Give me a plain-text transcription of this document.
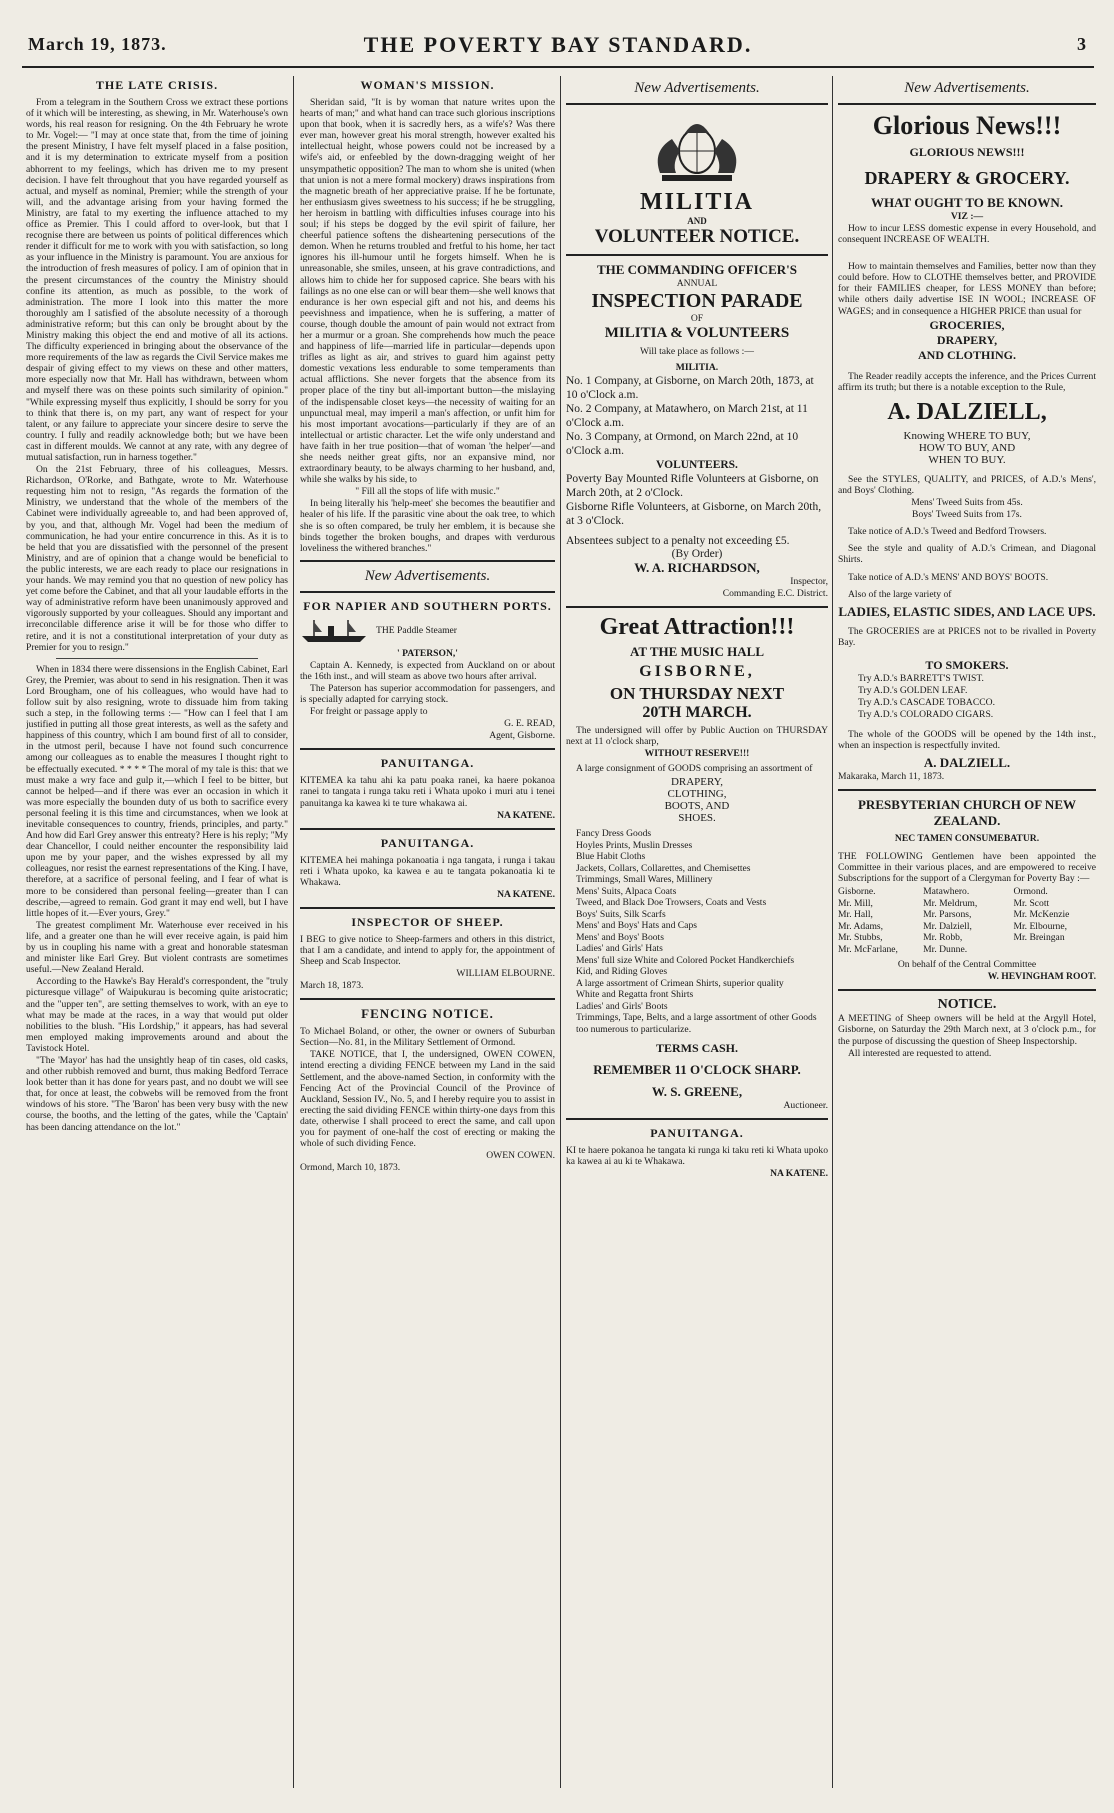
March 19, 1873.	THE POVERTY BAY STANDARD.	3
THE LATE CRISIS.

From a telegram in the Southern Cross we extract these portions of it which will be interesting, as shewing, in Mr. Waterhouse's own words, his real reason for resigning. On the 4th February he wrote to Mr. Vogel:— "I may at once state that, from the time of joining the present Ministry, I have felt myself placed in a false position, and it is my determination to extricate myself from a position abhorrent to my feelings, which has driven me to my present decision. I have felt throughout that you have regarded yourself as actual, and myself as nominal, Premier; while the strength of your will, and the advantage arising from your having formed the Ministry, are fatal to my exerting the influence attached to my office as Premier. This I could afford to over-look, but that I recognise there are between us points of political differences which render it difficult for me to work with you with satisfaction, so long as your influence in the Ministry is paramount. You are anxious for the introduction of fresh measures of policy. I am of opinion that in the present circumstances of the country the Ministry should confine its attention, as much as possible, to the work of administration. The more I look into this matter the more thoroughly am I satisfied of the absolute necessity of a thorough administrative reform; but this can only be brought about by the Ministry making this object the end and motive of all its actions. The difficulty experienced in bringing about the observance of the more requirements of the law as regards the Civil Service makes me despair of giving effect to my views on these and other matters, more especially now that Mr. Hall has withdrawn, between whom and myself there was on these points such similarity of opinion." "While expressing myself thus explicitly, I should be sorry for you to think that there is, on my part, any want of respect for your talent, or any failure to appreciate your sincere desire to serve the country. I fully and readily acknowledge both; but we have been cast in different moulds. We cannot at any rate, with any degree of mutual satisfaction, run in harness together."

On the 21st February, three of his colleagues, Messrs. Richardson, O'Rorke, and Bathgate, wrote to Mr. Waterhouse requesting him not to resign, "As regards the formation of the Ministry, we understand that the whole of the members of the Cabinet were individually agreeable to, and had been approved of, by you, and that, although Mr. Vogel had been the medium of communication, he had your entire concurrence in this. As it is to be held that you are dissatisfied with the personnel of the present Ministry, and are of opinion that a change would be beneficial to the public interests, we are each ready to place our resignations in your hands. We may remind you that no question of new policy has yet come before the Cabinet, and that all your laudable efforts in the way of administrative reform have been unanimously approved and vigorously supported by your colleagues. Should any important and irreconcilable difference arise it will be for those who differ to retire, and it is not a constitutional interpretation of your duty as Premier for you to resign."

When in 1834 there were dissensions in the English Cabinet, Earl Grey, the Premier, was about to send in his resignation. Then it was Lord Brougham, one of his colleagues, who would have had to follow suit by also resigning, wrote to dissuade him from taking such a step, in the following terms :— "How can I feel that I am justified in putting all those great interests, as well as the safety and happiness of this country, which I am bound first of all to consider, in the utmost peril, because I have not found such concurrence among our colleagues as to enable the measures I thought right to be effectually executed. * * * * The moral of my tale is this: that we must make a wry face and gulp it,—which I feel to be bitter, but cannot be helped—and if there was ever an occasion in which it was more especially the bounden duty of us both to sacrifice every personal feeling it is this time and circumstances, when we look at inevitable consequences to country, friends, principles, and party." And how did Earl Grey answer this entreaty? Here is his reply; "My dear Chancellor, I could neither encounter the responsibility laid upon me by your paper, and the wishes expressed by all my colleagues, nor resist the earnest representations of the King. I have, therefore, at a sacrifice of personal feeling, and I fear of what is more to be considered than personal feeling—greater than I can describe,—agreed to remain. God grant it may end well, but I have little hopes of it.—Ever yours, Grey."

The greatest compliment Mr. Waterhouse ever received in his life, and a greater one than he will ever receive again, is paid him by us in coupling his name with a great and honorable statesman and minister like Earl Grey. But violent contrasts are sometimes useful.—New Zealand Herald.

According to the Hawke's Bay Herald's correspondent, the "truly picturesque village" of Waipukurau is becoming quite aristocratic; and the "upper ten", are setting themselves to work, with an eye to what may be made at the races, in a way that would put older nobilities to the blush. "His Lordship," it appears, has had several men employed making improvements around and about the Tavistock Hotel.

"The 'Mayor' has had the unsightly heap of tin cases, old casks, and other rubbish removed and burnt, thus making Bedford Terrace look better than it has done for years past, and no doubt we will see that, for once at least, the cobwebs will be removed from the front windows of his store. "The 'Baron' has been very busy with the new course, the booths, and the letting of the gates, while the 'Captain' has been dancing attendance on the lot."

WOMAN'S MISSION.

Sheridan said, "It is by woman that nature writes upon the hearts of man;" and what hand can trace such glorious inscriptions upon that book, when it is sacredly hers, as a wife's? Was there ever man, however great his moral strength, however exalted his intellectual height, whose powers could not be increased by a wife's aid, or enfeebled by the down-dragging weight of her unsympathetic opposition? The man to whom she is united (when that union is not a mere formal mockery) draws inspirations from the magnetic breath of her appreciative praise. If he be fortunate, her enthusiasm gives sweetness to his success; if he be struggling, her heroism in battling with difficulties infuses courage into his soul; if his steps be dogged by the evil spirit of failure, her cheerful patience softens the disheartening persecutions of the demon. When he returns troubled and fretful to his home, her tact ignores his ill-humour until he forgets himself. When he is unreasonable, she smiles, unseen, at his grave contradictions, and allows him to chide her for supposed caprice. She bears with his failings as no one else can or will bear them—she well knows that endurance is her own especial gift and not his, and deems his peevishness and impatience, when he is suffering, a matter of course, though double the amount of pain would not extract from her a murmur or a groan. She comprehends how much the peace and happiness of life—married life in particular—depends upon trifles as light as air, and strives to guard him against petty domestic vexations less endurable to some temperaments than actual afflictions. She never forgets that the absence from its proper place of the tiny but all-important button—the mislaying of the indispensable closet keys—the necessity of waiting for an unpunctual meal, may imperil a man's affection, or unfit him for his most important avocations—particularly if they are of an intellectual or artistic character. Let the wife only understand and have faith in her true position—that of woman 'the helper'—and she needs neither great gifts, nor an expansive mind, nor extraordinary beauty, to be always charming to her husband, and, while she walks by his side, to

" Fill all the stops of life with music."

In being literally his 'help-meet' she becomes the beautifier and healer of his life. If the parasitic vine about the oak tree, to which she is so often compared, be truly her emblem, it is because she binds together the broken boughs, and drapes with verdurous loveliness the withered branches."

New Advertisements.
FOR NAPIER AND SOUTHERN PORTS.
THE Paddle Steamer
' PATERSON,'

Captain A. Kennedy, is expected from Auckland on or about the 16th inst., and will steam as above two hours after arrival.

The Paterson has superior accommodation for passengers, and is specially adapted for carrying stock.

For freight or passage apply to

G. E. READ,
Agent, Gisborne.
PANUITANGA.

KITEMEA ka tahu ahi ka patu poaka ranei, ka haere pokanoa ranei to tangata i runga taku reti i Whata upoko i muri atu i tenei panuitanga ka kawea ki te ture whakawa ai.

NA KATENE.
PANUITANGA.

KITEMEA hei mahinga pokanoatia i nga tangata, i runga i takau reti i Whata upoko, ka kawea e au te tangata pokanoatia ki te Whakawa.

NA KATENE.
INSPECTOR OF SHEEP.

I BEG to give notice to Sheep-farmers and others in this district, that I am a candidate, and intend to apply for, the appointment of Sheep and Scab Inspector.

WILLIAM ELBOURNE.
March 18, 1873.
FENCING NOTICE.

To Michael Boland, or other, the owner or owners of Suburban Section—No. 81, in the Military Settlement of Ormond.

TAKE NOTICE, that I, the undersigned, OWEN COWEN, intend erecting a dividing FENCE between my Land in the said Settlement, and the above-named Section, in conformity with the Fencing Act of the Provincial Council of the Province of Auckland, Session IV., No. 5, and I hereby require you to assist in erecting the said dividing FENCE within thirty-one days from this date, otherwise I shall proceed to erect the same, and call upon you for payment of one-half the cost of erecting or making the whole of such dividing Fence.

OWEN COWEN.
Ormond, March 10, 1873.
New Advertisements.
MILITIA
AND
VOLUNTEER NOTICE.
THE COMMANDING OFFICER'S
ANNUAL
INSPECTION PARADE
OF
MILITIA & VOLUNTEERS
Will take place as follows :—
MILITIA.
No. 1 Company, at Gisborne, on March 20th, 1873, at 10 o'Clock a.m.
No. 2 Company, at Matawhero, on March 21st, at 11 o'Clock a.m.
No. 3 Company, at Ormond, on March 22nd, at 10 o'Clock a.m.
VOLUNTEERS.
Poverty Bay Mounted Rifle Volunteers at Gisborne, on March 20th, at 2 o'Clock.
Gisborne Rifle Volunteers, at Gisborne, on March 20th, at 3 o'Clock.
Absentees subject to a penalty not exceeding £5.
(By Order)
W. A. RICHARDSON,
Inspector,
Commanding E.C. District.
Great Attraction!!!
AT THE MUSIC HALL
GISBORNE,
ON THURSDAY NEXT
20TH MARCH.

The undersigned will offer by Public Auction on THURSDAY next at 11 o'clock sharp,

WITHOUT RESERVE!!!

A large consignment of GOODS comprising an assortment of

DRAPERY,
CLOTHING,
BOOTS, AND
SHOES.
Fancy Dress Goods
Hoyles Prints, Muslin Dresses
Blue Habit Cloths
Jackets, Collars, Collarettes, and Chemisettes
Trimmings, Small Wares, Millinery
Mens' Suits, Alpaca Coats
Tweed, and Black Doe Trowsers, Coats and Vests
Boys' Suits, Silk Scarfs
Mens' and Boys' Hats and Caps
Mens' and Boys' Boots
Ladies' and Girls' Hats
Mens' full size White and Colored Pocket Handkerchiefs
Kid, and Riding Gloves
A large assortment of Crimean Shirts, superior quality
White and Regatta front Shirts
Ladies' and Girls' Boots
Trimmings, Tape, Belts, and a large assortment of other Goods too numerous to particularize.
TERMS CASH.
REMEMBER 11 O'CLOCK SHARP.
W. S. GREENE,
Auctioneer.
PANUITANGA.

KI te haere pokanoa he tangata ki runga ki taku reti ki Whata upoko ka kawea ai au ki te Whakawa.

NA KATENE.
New Advertisements.
Glorious News!!!
GLORIOUS NEWS!!!
DRAPERY & GROCERY.
WHAT OUGHT TO BE KNOWN.
VIZ :—

How to incur LESS domestic expense in every Household, and consequent INCREASE OF WEALTH.

How to maintain themselves and Families, better now than they could before. How to CLOTHE themselves better, and PROVIDE for their FAMILIES cheaper, for LESS MONEY than before; while others daily advertise ISE IN WOOL; INCREASE OF WAGES; and in consequence a HIGHER PRICE than usual for

GROCERIES,
DRAPERY,
AND CLOTHING.

The Reader readily accepts the inference, and the Prices Current affirm its truth; but there is a notable exception to the Rule,

A. DALZIELL,
Knowing WHERE TO BUY,
HOW TO BUY, AND
WHEN TO BUY.

See the STYLES, QUALITY, and PRICES, of A.D.'s Mens', and Boys' Clothing.

Mens' Tweed Suits from 45s.

Boys' Tweed Suits from 17s.

Take notice of A.D.'s Tweed and Bedford Trowsers.

See the style and quality of A.D.'s Crimean, and Diagonal Shirts.

Take notice of A.D.'s MENS' AND BOYS' BOOTS.

Also of the large variety of

LADIES, ELASTIC SIDES, AND LACE UPS.

The GROCERIES are at PRICES not to be rivalled in Poverty Bay.

TO SMOKERS.
Try A.D.'s BARRETT'S TWIST.
Try A.D.'s GOLDEN LEAF.
Try A.D.'s CASCADE TOBACCO.
Try A.D.'s COLORADO CIGARS.

The whole of the GOODS will be opened by the 14th inst., when an inspection is respectfully invited.

A. DALZIELL.
Makaraka, March 11, 1873.
PRESBYTERIAN CHURCH OF NEW ZEALAND.
NEC TAMEN CONSUMEBATUR.

THE FOLLOWING Gentlemen have been appointed the Committee in their various places, and are empowered to receive Subscriptions for the support of a Clergyman for Poverty Bay :—

Gisborne.
Mr. Mill,
Mr. Hall,
Mr. Adams,
Mr. Stubbs,
Mr. McFarlane,
Matawhero.
Mr. Meldrum,
Mr. Parsons,
Mr. Dalziell,
Mr. Robb,
Mr. Dunne.
Ormond.
Mr. Scott
Mr. McKenzie
Mr. Elbourne,
Mr. Breingan
On behalf of the Central Committee
W. HEVINGHAM ROOT.
NOTICE.

A MEETING of Sheep owners will be held at the Argyll Hotel, Gisborne, on Saturday the 29th March next, at 3 o'clock p.m., for the purpose of discussing the question of Sheep Inspectorship.

All interested are requested to attend.
